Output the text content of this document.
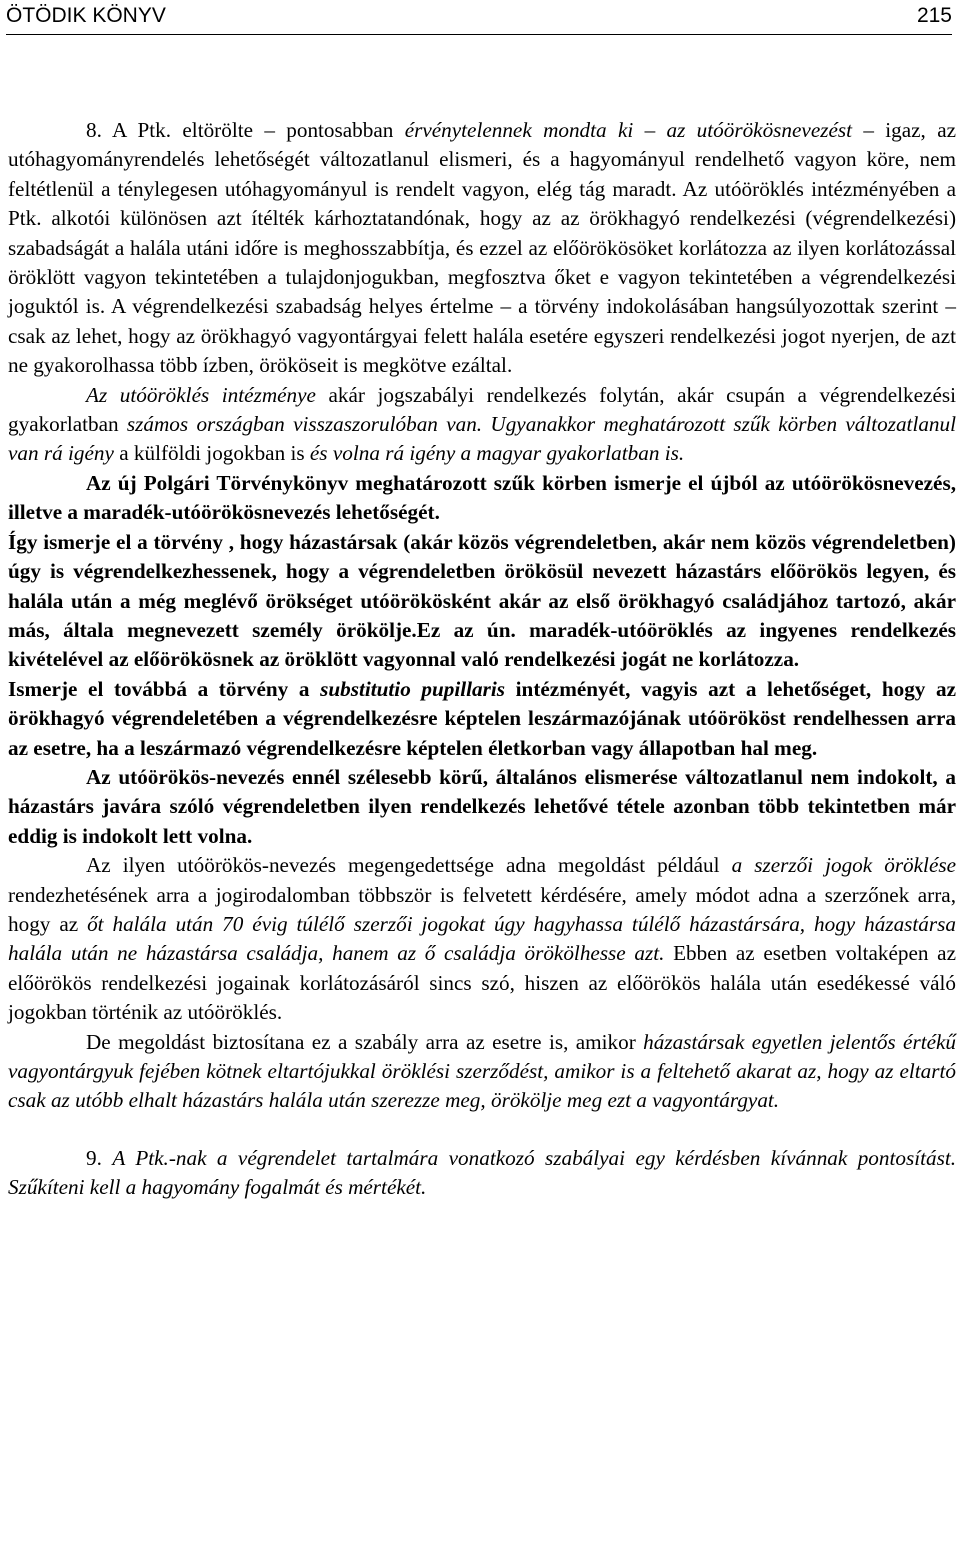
ÖTÖDIK KÖNYV	215

8. A Ptk. eltörölte – pontosabban érvénytelennek mondta ki – az utóörökösnevezést – igaz, az utóhagyományrendelés lehetőségét változatlanul elismeri, és a hagyományul rendelhető vagyon köre, nem feltétlenül a ténylegesen utóhagyományul is rendelt vagyon, elég tág maradt. Az utóöröklés intézményében a Ptk. alkotói különösen azt ítélték kárhoztatandónak, hogy az az örökhagyó rendelkezési (végrendelkezési) szabadságát a halála utáni időre is meghosszabbítja, és ezzel az előörökösöket korlátozza az ilyen korlátozással öröklött vagyon tekintetében a tulajdonjogukban, megfosztva őket e vagyon tekintetében a végrendelkezési joguktól is. A végrendelkezési szabadság helyes értelme – a törvény indokolásában hangsúlyozottak szerint – csak az lehet, hogy az örökhagyó vagyontárgyai felett halála esetére egyszeri rendelkezési jogot nyerjen, de azt ne gyakorolhassa több ízben, örököseit is megkötve ezáltal.

Az utóöröklés intézménye akár jogszabályi rendelkezés folytán, akár csupán a végrendelkezési gyakorlatban számos országban visszaszorulóban van. Ugyanakkor meghatározott szűk körben változatlanul van rá igény a külföldi jogokban is és volna rá igény a magyar gyakorlatban is.

Az új Polgári Törvénykönyv meghatározott szűk körben ismerje el újból az utóörökösnevezés, illetve a maradék-utóörökösnevezés lehetőségét.

Így ismerje el a törvény , hogy házastársak (akár közös végrendeletben, akár nem közös végrendeletben) úgy is végrendelkezhessenek, hogy a végrendeletben örökösül nevezett házastárs előörökös legyen, és halála után a még meglévő örökséget utóörökösként akár az első örökhagyó családjához tartozó, akár más, általa megnevezett személy örökölje.Ez az ún. maradék-utóöröklés az ingyenes rendelkezés kivételével az előörökösnek az öröklött vagyonnal való rendelkezési jogát ne korlátozza.

Ismerje el továbbá a törvény a substitutio pupillaris intézményét, vagyis azt a lehetőséget, hogy az örökhagyó végrendeletében a végrendelkezésre képtelen leszármazójának utóörököst rendelhessen arra az esetre, ha a leszármazó végrendelkezésre képtelen életkorban vagy állapotban hal meg.

Az utóörökös-nevezés ennél szélesebb körű, általános elismerése változatlanul nem indokolt, a házastárs javára szóló végrendeletben ilyen rendelkezés lehetővé tétele azonban több tekintetben már eddig is indokolt lett volna.

Az ilyen utóörökös-nevezés megengedettsége adna megoldást például a szerzői jogok öröklése rendezhetésének arra a jogirodalomban többször is felvetett kérdésére, amely módot adna a szerzőnek arra, hogy az őt halála után 70 évig túlélő szerzői jogokat úgy hagyhassa túlélő házastársára, hogy házastársa halála után ne házastársa családja, hanem az ő családja örökölhesse azt. Ebben az esetben voltaképen az előörökös rendelkezési jogainak korlátozásáról sincs szó, hiszen az előörökös halála után esedékessé váló jogokban történik az utóöröklés.

De megoldást biztosítana ez a szabály arra az esetre is, amikor házastársak egyetlen jelentős értékű vagyontárgyuk fejében kötnek eltartójukkal öröklési szerződést, amikor is a feltehető akarat az, hogy az eltartó csak az utóbb elhalt házastárs halála után szerezze meg, örökölje meg ezt a vagyontárgyat.

9. A Ptk.-nak a végrendelet tartalmára vonatkozó szabályai egy kérdésben kívánnak pontosítást. Szűkíteni kell a hagyomány fogalmát és mértékét.
